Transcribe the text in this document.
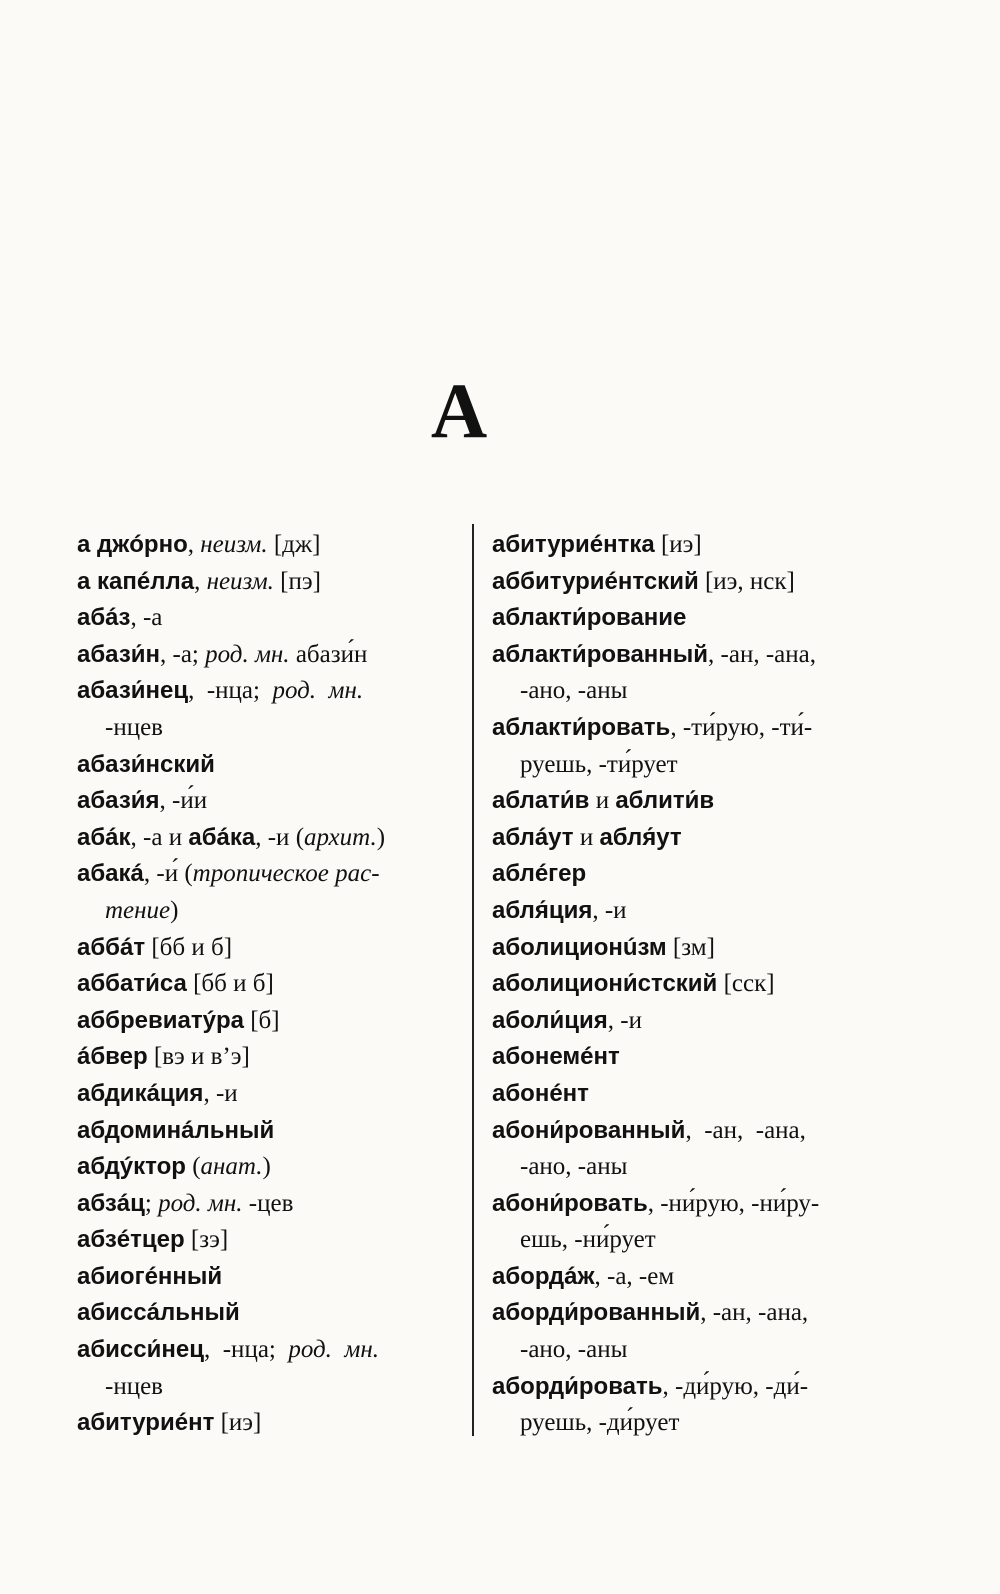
А
а джóрно, неизм. [дж]
а капéлла, неизм. [пэ]
абáз, -а
абази́н, -а; род. мн. абази́н
абази́нец,  -нца;  род.  мн.
-нцев
абази́нский
абази́я, -и́и
абáк, -а и абáка, -и (архит.)
абакá, -и́ (тропическое рас-
тение)
аббáт [бб и б]
аббати́са [бб и б]
аббревиатýра [б]
áбвер [вэ и в’э]
абдикáция, -и
абдоминáльный
абдýктор (анат.)
абзáц; род. мн. -цев
абзéтцер [зэ]
абиогéнный
абиссáльный
абисси́нец,  -нца;  род.  мн.
-нцев
абитуриéнт [иэ]
абитуриéнтка [иэ]
аббитуриéнтский [иэ, нск]
аблакти́рование
аблакти́рованный, -ан, -ана,
-ано, -аны
аблакти́ровать, -ти́рую, -ти́-
руешь, -ти́рует
аблати́в и аблити́в
аблáут и абля́ут
аблéгер
абля́ция, -и
аболиционúзм [зм]
аболициони́стский [сск]
аболи́ция, -и
абонемéнт
абонéнт
абони́рованный,  -ан,  -ана,
-ано, -аны
абони́ровать, -ни́рую, -ни́ру-
ешь, -ни́рует
абордáж, -а, -ем
аборди́рованный, -ан, -ана,
-ано, -аны
аборди́ровать, -ди́рую, -ди́-
руешь, -ди́рует
